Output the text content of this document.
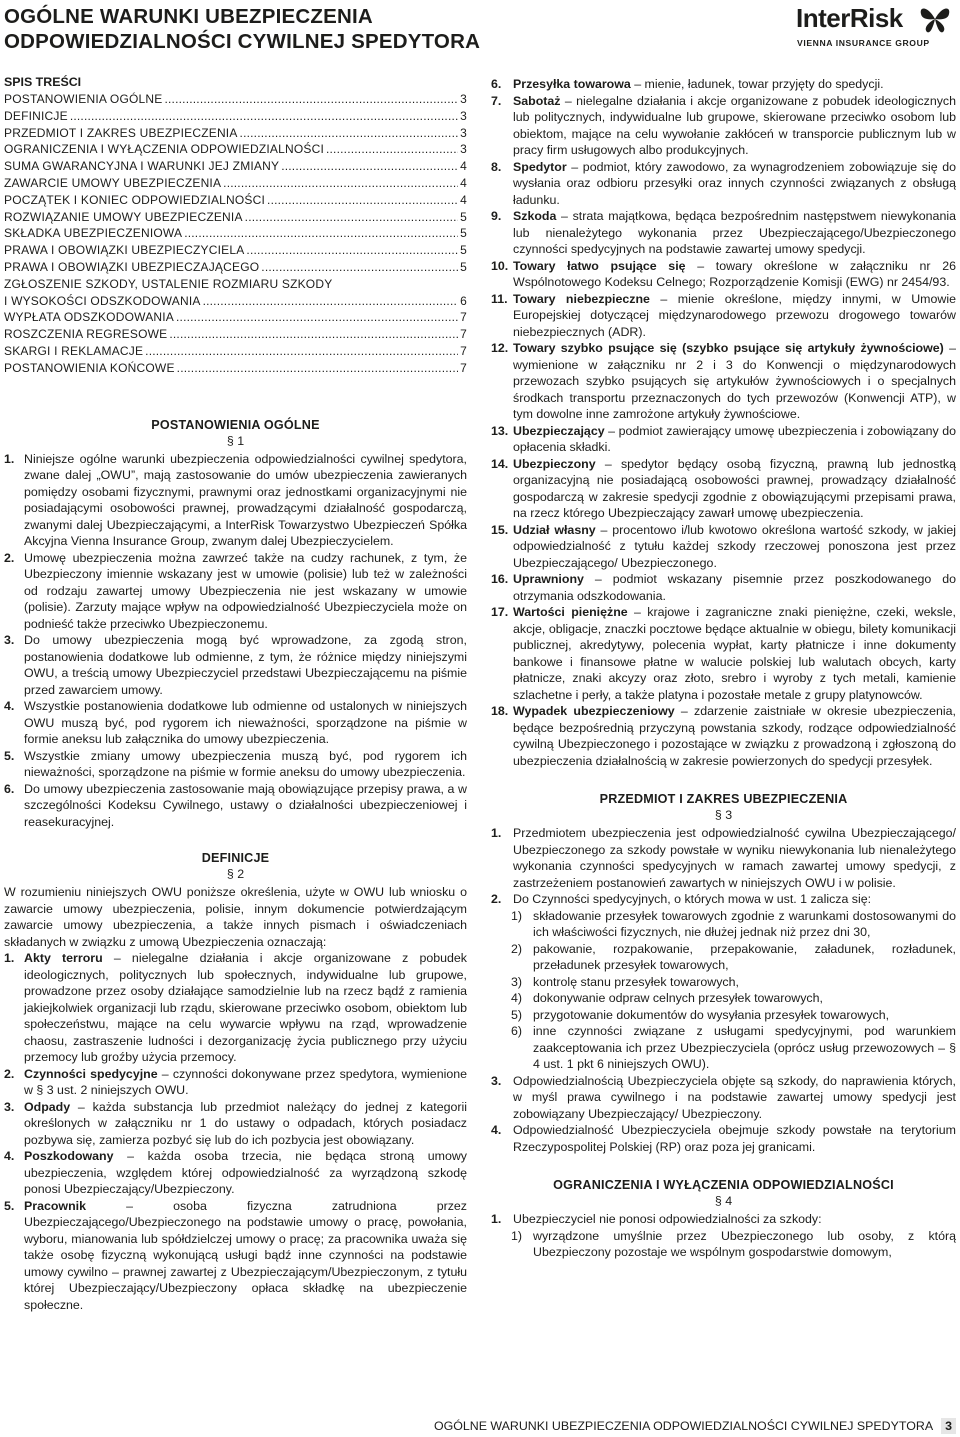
OGÓLNE WARUNKI UBEZPIECZENIA
ODPOWIEDZIALNOŚCI CYWILNEJ SPEDYTORA
InterRisk
VIENNA INSURANCE GROUP
SPIS TREŚCI
POSTANOWIENIA OGÓLNE .....	3
DEFINICJE .....	3
PRZEDMIOT I ZAKRES UBEZPIECZENIA .....	3
OGRANICZENIA I WYŁĄCZENIA ODPOWIEDZIALNOŚCI .....	3
SUMA GWARANCYJNA I WARUNKI JEJ ZMIANY .....	4
ZAWARCIE UMOWY UBEZPIECZENIA .....	4
POCZĄTEK I KONIEC ODPOWIEDZIALNOŚCI .....	4
ROZWIĄZANIE UMOWY UBEZPIECZENIA .....	5
SKŁADKA UBEZPIECZENIOWA .....	5
PRAWA I OBOWIĄZKI UBEZPIECZYCIELA .....	5
PRAWA I OBOWIĄZKI UBEZPIECZAJĄCEGO .....	5
ZGŁOSZENIE SZKODY, USTALENIE ROZMIARU SZKODY
I WYSOKOŚCI ODSZKODOWANIA .....	6
WYPŁATA ODSZKODOWANIA .....	7
ROSZCZENIA REGRESOWE .....	7
SKARGI I REKLAMACJE .....	7
POSTANOWIENIA KOŃCOWE .....	7
POSTANOWIENIA OGÓLNE
§ 1
1. Niniejsze ogólne warunki ubezpieczenia odpowiedzialności cywilnej spedytora, zwane dalej „OWU”, mają zastosowanie do umów ubezpieczenia zawieranych pomiędzy osobami fizycznymi, prawnymi oraz jednostkami organizacyjnymi nie posiadającymi osobowości prawnej, prowadzącymi działalność gospodarczą, zwanymi dalej Ubezpieczającymi, a InterRisk Towarzystwo Ubezpieczeń Spółka Akcyjna Vienna Insurance Group, zwanym dalej Ubezpieczycielem.
2. Umowę ubezpieczenia można zawrzeć także na cudzy rachunek, z tym, że Ubezpieczony imiennie wskazany jest w umowie (polisie) lub też w zależności od rodzaju zawartej umowy Ubezpieczenia nie jest wskazany w umowie (polisie). Zarzuty mające wpływ na odpowiedzialność Ubezpieczyciela może on podnieść także przeciwko Ubezpieczonemu.
3. Do umowy ubezpieczenia mogą być wprowadzone, za zgodą stron, postanowienia dodatkowe lub odmienne, z tym, że różnice między niniejszymi OWU, a treścią umowy Ubezpieczyciel przedstawi Ubezpieczającemu na piśmie przed zawarciem umowy.
4. Wszystkie postanowienia dodatkowe lub odmienne od ustalonych w niniejszych OWU muszą być, pod rygorem ich nieważności, sporządzone na piśmie w formie aneksu lub załącznika do umowy ubezpieczenia.
5. Wszystkie zmiany umowy ubezpieczenia muszą być, pod rygorem ich nieważności, sporządzone na piśmie w formie aneksu do umowy ubezpieczenia.
6. Do umowy ubezpieczenia zastosowanie mają obowiązujące przepisy prawa, a w szczególności Kodeksu Cywilnego, ustawy o działalności ubezpieczeniowej i reasekuracyjnej.
DEFINICJE
§ 2

W rozumieniu niniejszych OWU poniższe określenia, użyte w OWU lub wniosku o zawarcie umowy ubezpieczenia, polisie, innym dokumencie potwierdzającym zawarcie umowy ubezpieczenia, a także innych pismach i oświadczeniach składanych w związku z umową Ubezpieczenia oznaczają:

1. Akty terroru – nielegalne działania i akcje organizowane z pobudek ideologicznych, politycznych lub społecznych, indywidualne lub grupowe, prowadzone przez osoby działające samodzielnie lub na rzecz bądź z ramienia jakiejkolwiek organizacji lub rządu, skierowane przeciwko osobom, obiektom lub społeczeństwu, mające na celu wywarcie wpływu na rząd, wprowadzenie chaosu, zastraszenie ludności i dezorganizację życia publicznego przy użyciu przemocy lub groźby użycia przemocy.
2. Czynności spedycyjne – czynności dokonywane przez spedytora, wymienione w § 3 ust. 2 niniejszych OWU.
3. Odpady – każda substancja lub przedmiot należący do jednej z kategorii określonych w załączniku nr 1 do ustawy o odpadach, których posiadacz pozbywa się, zamierza pozbyć się lub do ich pozbycia jest obowiązany.
4. Poszkodowany – każda osoba trzecia, nie będąca stroną umowy ubezpieczenia, względem której odpowiedzialność za wyrządzoną szkodę ponosi Ubezpieczający/Ubezpieczony.
5. Pracownik – osoba fizyczna zatrudniona przez Ubezpieczającego/Ubezpieczonego na podstawie umowy o pracę, powołania, wyboru, mianowania lub spółdzielczej umowy o pracę; za pracownika uważa się także osobę fizyczną wykonującą usługi bądź inne czynności na podstawie umowy cywilno – prawnej zawartej z Ubezpieczającym/Ubezpieczonym, z tytułu której Ubezpieczający/Ubezpieczony opłaca składkę na ubezpieczenie społeczne.
6. Przesyłka towarowa – mienie, ładunek, towar przyjęty do spedycji.
7. Sabotaż – nielegalne działania i akcje organizowane z pobudek ideologicznych lub politycznych, indywidualne lub grupowe, skierowane przeciwko osobom lub obiektom, mające na celu wywołanie zakłóceń w transporcie publicznym lub w pracy firm usługowych albo produkcyjnych.
8. Spedytor – podmiot, który zawodowo, za wynagrodzeniem zobowiązuje się do wysłania oraz odbioru przesyłki oraz innych czynności związanych z obsługą ładunku.
9. Szkoda – strata majątkowa, będąca bezpośrednim następstwem niewykonania lub nienależytego wykonania przez Ubezpieczającego/Ubezpieczonego czynności spedycyjnych na podstawie zawartej umowy spedycji.
10. Towary łatwo psujące się – towary określone w załączniku nr 26 Wspólnotowego Kodeksu Celnego; Rozporządzenie Komisji (EWG) nr 2454/93.
11. Towary niebezpieczne – mienie określone, między innymi, w Umowie Europejskiej dotyczącej międzynarodowego przewozu drogowego towarów niebezpiecznych (ADR).
12. Towary szybko psujące się (szybko psujące się artykuły żywnościowe) – wymienione w załączniku nr 2 i 3 do Konwencji o międzynarodowych przewozach szybko psujących się artykułów żywnościowych i o specjalnych środkach transportu przeznaczonych do tych przewozów (Konwencji ATP), w tym dowolne inne zamrożone artykuły żywnościowe.
13. Ubezpieczający – podmiot zawierający umowę ubezpieczenia i zobowiązany do opłacenia składki.
14. Ubezpieczony – spedytor będący osobą fizyczną, prawną lub jednostką organizacyjną nie posiadającą osobowości prawnej, prowadzący działalność gospodarczą w zakresie spedycji zgodnie z obowiązującymi przepisami prawa, na rzecz którego Ubezpieczający zawarł umowę ubezpieczenia.
15. Udział własny – procentowo i/lub kwotowo określona wartość szkody, w jakiej odpowiedzialność z tytułu każdej szkody rzeczowej ponoszona jest przez Ubezpieczającego/ Ubezpieczonego.
16. Uprawniony – podmiot wskazany pisemnie przez poszkodowanego do otrzymania odszkodowania.
17. Wartości pieniężne – krajowe i zagraniczne znaki pieniężne, czeki, weksle, akcje, obligacje, znaczki pocztowe będące aktualnie w obiegu, bilety komunikacji publicznej, akredytywy, polecenia wypłat, karty płatnicze i inne dokumenty bankowe i finansowe płatne w walucie polskiej lub walutach obcych, karty płatnicze, znaki akcyzy oraz złoto, srebro i wyroby z tych metali, kamienie szlachetne i perły, a także platyna i pozostałe metale z grupy platynowców.
18. Wypadek ubezpieczeniowy – zdarzenie zaistniałe w okresie ubezpieczenia, będące bezpośrednią przyczyną powstania szkody, rodzące odpowiedzialność cywilną Ubezpieczonego i pozostające w związku z prowadzoną i zgłoszoną do ubezpieczenia działalnością w zakresie powierzonych do spedycji przesyłek.
PRZEDMIOT I ZAKRES UBEZPIECZENIA
§ 3
1. Przedmiotem ubezpieczenia jest odpowiedzialność cywilna Ubezpieczającego/ Ubezpieczonego za szkody powstałe w wyniku niewykonania lub nienależytego wykonania czynności spedycyjnych w ramach zawartej umowy spedycji, z zastrzeżeniem postanowień zawartych w niniejszych OWU i w polisie.
2. Do Czynności spedycyjnych, o których mowa w ust. 1 zalicza się:
1) składowanie przesyłek towarowych zgodnie z warunkami dostosowanymi do ich właściwości fizycznych, nie dłużej jednak niż przez dni 30,
2) pakowanie, rozpakowanie, przepakowanie, załadunek, rozładunek, przeładunek przesyłek towarowych,
3) kontrolę stanu przesyłek towarowych,
4) dokonywanie odpraw celnych przesyłek towarowych,
5) przygotowanie dokumentów do wysyłania przesyłek towarowych,
6) inne czynności związane z usługami spedycyjnymi, pod warunkiem zaakceptowania ich przez Ubezpieczyciela (oprócz usług przewozowych – § 4 ust. 1 pkt 6 niniejszych OWU).
3. Odpowiedzialnością Ubezpieczyciela objęte są szkody, do naprawienia których, w myśl prawa cywilnego i na podstawie zawartej umowy spedycji jest zobowiązany Ubezpieczający/ Ubezpieczony.
4. Odpowiedzialność Ubezpieczyciela obejmuje szkody powstałe na terytorium Rzeczypospolitej Polskiej (RP) oraz poza jej granicami.
OGRANICZENIA I WYŁĄCZENIA ODPOWIEDZIALNOŚCI
§ 4
1. Ubezpieczyciel nie ponosi odpowiedzialności za szkody:
1) wyrządzone umyślnie przez Ubezpieczonego lub osoby, z którą Ubezpieczony pozostaje we wspólnym gospodarstwie domowym,
OGÓLNE WARUNKI UBEZPIECZENIA ODPOWIEDZIALNOŚCI CYWILNEJ SPEDYTORA 3
